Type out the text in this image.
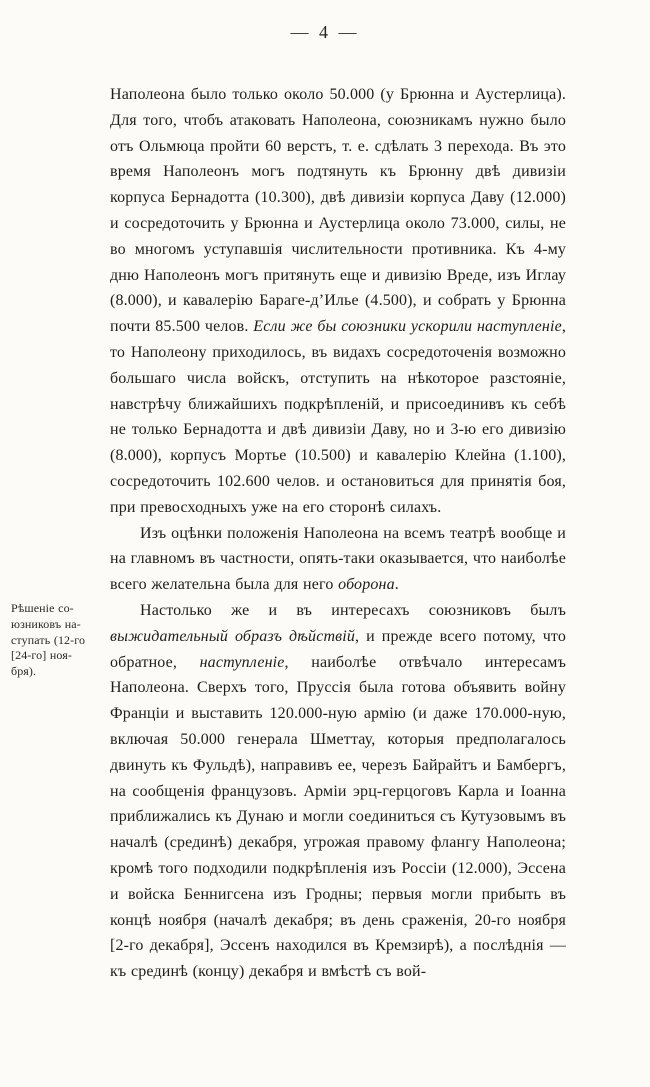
— 4 —

Наполеона было только около 50.000 (у Брюнна и Аустерлица). Для того, чтобъ атаковать Наполеона, союзникамъ нужно было отъ Ольмюца пройти 60 верстъ, т. е. сдѣлать 3 перехода. Въ это время Наполеонъ могъ подтянуть къ Брюнну двѣ дивизіи корпуса Бернадотта (10.300), двѣ дивизіи корпуса Даву (12.000) и сосредоточить у Брюнна и Аустерлица около 73.000, силы, не во многомъ уступавшія числительности противника. Къ 4-му дню Наполеонъ могъ притянуть еще и дивизію Вреде, изъ Иглау (8.000), и кавалерію Бараге-д’Илье (4.500), и собрать у Брюнна почти 85.500 челов. Если же бы союзники ускорили наступленіе, то Наполеону приходилось, въ видахъ сосредоточенія возможно большаго числа войскъ, отступить на нѣкоторое разстояніе, навстрѣчу ближайшихъ подкрѣпленій, и присоединивъ къ себѣ не только Бернадотта и двѣ дивизіи Даву, но и 3-ю его дивизію (8.000), корпусъ Мортье (10.500) и кавалерію Клейна (1.100), сосредоточить 102.600 челов. и остановиться для принятія боя, при превосходныхъ уже на его сторонѣ силахъ.

Изъ оцѣнки положенія Наполеона на всемъ театрѣ вообще и на главномъ въ частности, опять-таки оказывается, что наиболѣе всего желательна была для него оборона.

Рѣшеніе со-
юзниковъ на-
ступать (12-го
[24-го] ноя-
бря).

Настолько же и въ интересахъ союзниковъ былъ выжидательный образъ дѣйствій, и прежде всего потому, что обратное, наступленіе, наиболѣе отвѣчало интересамъ Наполеона. Сверхъ того, Пруссія была готова объявить войну Франціи и выставить 120.000-ную армію (и даже 170.000-ную, включая 50.000 генерала Шметтау, которыя предполагалось двинуть къ Фульдѣ), направивъ ее, черезъ Байрайтъ и Бамбергъ, на сообщенія французовъ. Арміи эрц-герцоговъ Карла и Іоанна приближались къ Дунаю и могли соединиться съ Кутузовымъ въ началѣ (срединѣ) декабря, угрожая правому флангу Наполеона; кромѣ того подходили подкрѣпленія изъ Россіи (12.000), Эссена и войска Беннигсена изъ Гродны; первыя могли прибыть въ концѣ ноября (началѣ декабря; въ день сраженія, 20-го ноября [2-го декабря], Эссенъ находился въ Кремзирѣ), а послѣднія — къ срединѣ (концу) декабря и вмѣстѣ съ вой-
